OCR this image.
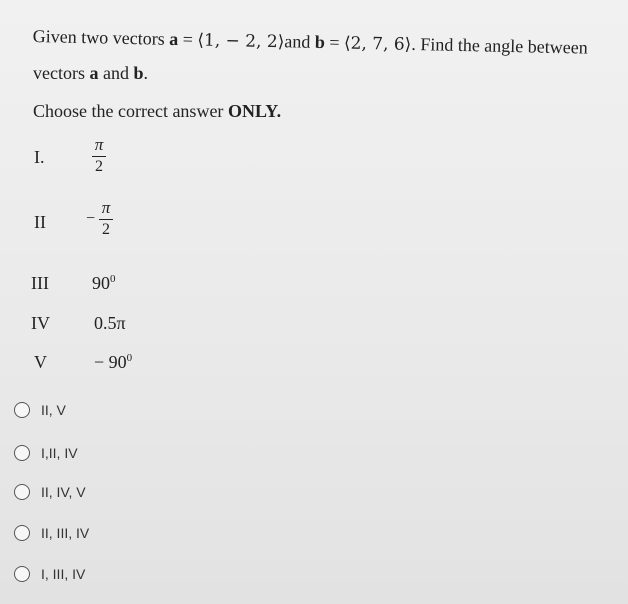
Given two vectors a = ⟨1, − 2, 2⟩and b = ⟨2, 7, 6⟩. Find the angle between
vectors a and b.
Choose the correct answer ONLY.
I.	$\frac{\pi}{2}$
II	− $\frac{\pi}{2}$
III $90^0$
IV 0.5π
V	− $90^0$
II, V
I,II, IV
II, IV, V
II, III, IV
I, III, IV
